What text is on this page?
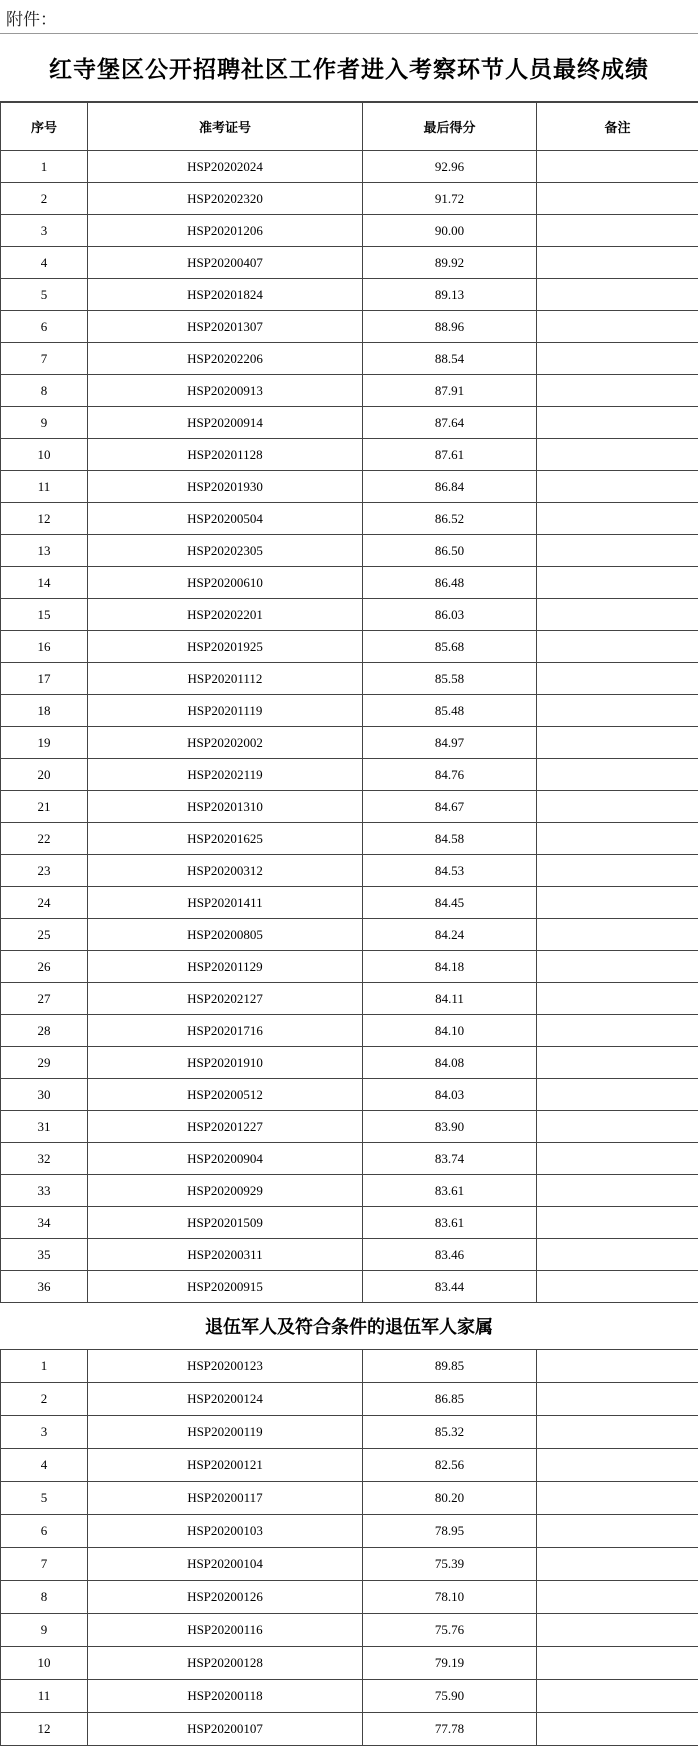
附件：
红寺堡区公开招聘社区工作者进入考察环节人员最终成绩
序号	准考证号	最后得分	备注
1	HSP20202024	92.96	
2	HSP20202320	91.72	
3	HSP20201206	90.00	
4	HSP20200407	89.92	
5	HSP20201824	89.13	
6	HSP20201307	88.96	
7	HSP20202206	88.54	
8	HSP20200913	87.91	
9	HSP20200914	87.64	
10	HSP20201128	87.61	
11	HSP20201930	86.84	
12	HSP20200504	86.52	
13	HSP20202305	86.50	
14	HSP20200610	86.48	
15	HSP20202201	86.03	
16	HSP20201925	85.68	
17	HSP20201112	85.58	
18	HSP20201119	85.48	
19	HSP20202002	84.97	
20	HSP20202119	84.76	
21	HSP20201310	84.67	
22	HSP20201625	84.58	
23	HSP20200312	84.53	
24	HSP20201411	84.45	
25	HSP20200805	84.24	
26	HSP20201129	84.18	
27	HSP20202127	84.11	
28	HSP20201716	84.10	
29	HSP20201910	84.08	
30	HSP20200512	84.03	
31	HSP20201227	83.90	
32	HSP20200904	83.74	
33	HSP20200929	83.61	
34	HSP20201509	83.61	
35	HSP20200311	83.46	
36	HSP20200915	83.44	
退伍军人及符合条件的退伍军人家属
1	HSP20200123	89.85	
2	HSP20200124	86.85	
3	HSP20200119	85.32	
4	HSP20200121	82.56	
5	HSP20200117	80.20	
6	HSP20200103	78.95	
7	HSP20200104	75.39	
8	HSP20200126	78.10	
9	HSP20200116	75.76	
10	HSP20200128	79.19	
11	HSP20200118	75.90	
12	HSP20200107	77.78	
